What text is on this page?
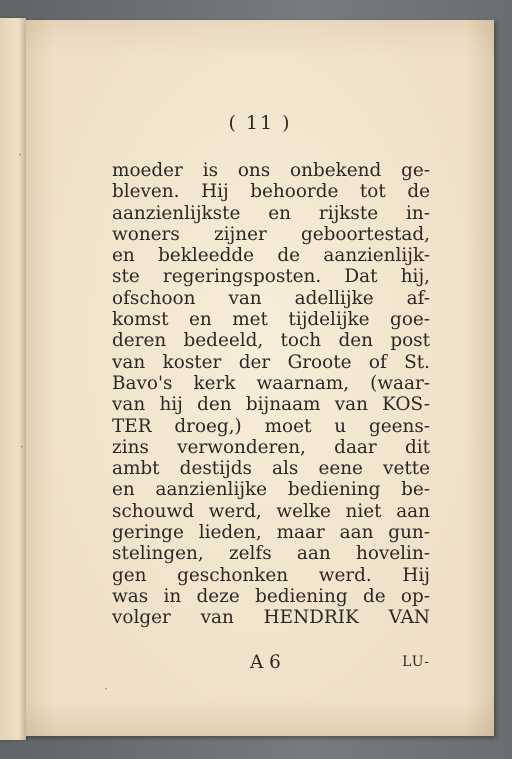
( 11 )
moeder is ons onbekend ge-
bleven. Hij behoorde tot de
aanzienlijkste en rijkste in-
woners zijner geboortestad,
en bekleedde de aanzienlijk-
ste regeringsposten. Dat hij,
ofschoon van adellijke af-
komst en met tijdelijke goe-
deren bedeeld, toch den post
van koster der Groote of St.
Bavo's kerk waarnam, (waar-
van hij den bijnaam van KOS-
TER droeg,) moet u geens-
zins verwonderen, daar dit
ambt destijds als eene vette
en aanzienlijke bediening be-
schouwd werd, welke niet aan
geringe lieden, maar aan gun-
stelingen, zelfs aan hovelin-
gen geschonken werd. Hij
was in deze bediening de op-
volger van HENDRIK VAN
A 6	LU-
·
·
·
